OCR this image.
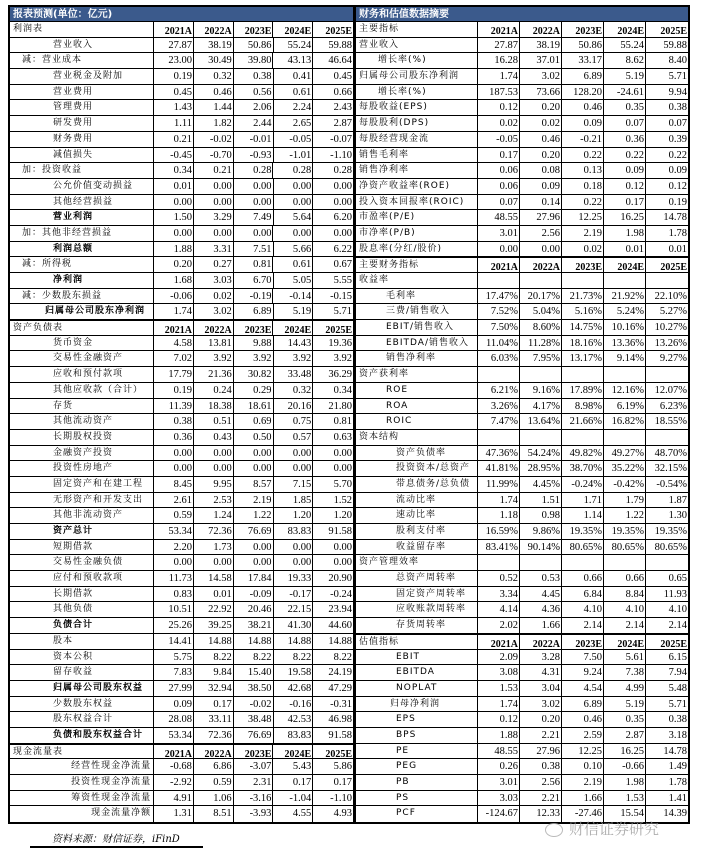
报表预测(单位：亿元)
利润表	2021A	2022A	2023E	2024E	2025E
营业收入	27.87	38.19	50.86	55.24	59.88
减：营业成本	23.00	30.49	39.80	43.13	46.64
营业税金及附加	0.19	0.32	0.38	0.41	0.45
营业费用	0.45	0.46	0.56	0.61	0.66
管理费用	1.43	1.44	2.06	2.24	2.43
研发费用	1.11	1.82	2.44	2.65	2.87
财务费用	0.21	-0.02	-0.01	-0.05	-0.07
减值损失	-0.45	-0.70	-0.93	-1.01	-1.10
加：投资收益	0.34	0.21	0.28	0.28	0.28
公允价值变动损益	0.01	0.00	0.00	0.00	0.00
其他经营损益	0.00	0.00	0.00	0.00	0.00
营业利润	1.50	3.29	7.49	5.64	6.20
加：其他非经营损益	0.00	0.00	0.00	0.00	0.00
利润总额	1.88	3.31	7.51	5.66	6.22
减：所得税	0.20	0.27	0.81	0.61	0.67
净利润	1.68	3.03	6.70	5.05	5.55
减：少数股东损益	-0.06	0.02	-0.19	-0.14	-0.15
归属母公司股东净利润	1.74	3.02	6.89	5.19	5.71
资产负债表	2021A	2022A	2023E	2024E	2025E
货币资金	4.58	13.81	9.88	14.43	19.36
交易性金融资产	7.02	3.92	3.92	3.92	3.92
应收和预付款项	17.79	21.36	30.82	33.48	36.29
其他应收款（合计）	0.19	0.24	0.29	0.32	0.34
存货	11.39	18.38	18.61	20.16	21.80
其他流动资产	0.38	0.51	0.69	0.75	0.81
长期股权投资	0.36	0.43	0.50	0.57	0.63
金融资产投资	0.00	0.00	0.00	0.00	0.00
投资性房地产	0.00	0.00	0.00	0.00	0.00
固定资产和在建工程	8.45	9.95	8.57	7.15	5.70
无形资产和开发支出	2.61	2.53	2.19	1.85	1.52
其他非流动资产	0.59	1.24	1.22	1.20	1.20
资产总计	53.34	72.36	76.69	83.83	91.58
短期借款	2.20	1.73	0.00	0.00	0.00
交易性金融负债	0.00	0.00	0.00	0.00	0.00
应付和预收款项	11.73	14.58	17.84	19.33	20.90
长期借款	0.83	0.01	-0.09	-0.17	-0.24
其他负债	10.51	22.92	20.46	22.15	23.94
负债合计	25.26	39.25	38.21	41.30	44.60
股本	14.41	14.88	14.88	14.88	14.88
资本公积	5.75	8.22	8.22	8.22	8.22
留存收益	7.83	9.84	15.40	19.58	24.19
归属母公司股东权益	27.99	32.94	38.50	42.68	47.29
少数股东权益	0.09	0.17	-0.02	-0.16	-0.31
股东权益合计	28.08	33.11	38.48	42.53	46.98
负债和股东权益合计	53.34	72.36	76.69	83.83	91.58
现金流量表	2021A	2022A	2023E	2024E	2025E
经营性现金净流量	-0.68	6.86	-3.07	5.43	5.86
投资性现金净流量	-2.92	0.59	2.31	0.17	0.17
筹资性现金净流量	4.91	1.06	-3.16	-1.04	-1.10
现金流量净额	1.31	8.51	-3.93	4.55	4.93
财务和估值数据摘要
主要指标	2021A	2022A	2023E	2024E	2025E
营业收入	27.87	38.19	50.86	55.24	59.88
增长率(%)	16.28	37.01	33.17	8.62	8.40
归属母公司股东净利润	1.74	3.02	6.89	5.19	5.71
增长率(%)	187.53	73.66	128.20	-24.61	9.94
每股收益(EPS)	0.12	0.20	0.46	0.35	0.38
每股股利(DPS)	0.02	0.02	0.09	0.07	0.07
每股经营现金流	-0.05	0.46	-0.21	0.36	0.39
销售毛利率	0.17	0.20	0.22	0.22	0.22
销售净利率	0.06	0.08	0.13	0.09	0.09
净资产收益率(ROE)	0.06	0.09	0.18	0.12	0.12
投入资本回报率(ROIC)	0.07	0.14	0.22	0.17	0.19
市盈率(P/E)	48.55	27.96	12.25	16.25	14.78
市净率(P/B)	3.01	2.56	2.19	1.98	1.78
股息率(分红/股价)	0.00	0.00	0.02	0.01	0.01
主要财务指标	2021A	2022A	2023E	2024E	2025E
收益率
毛利率	17.47% 20.17% 21.73% 21.92%	22.10%
三费/销售收入	7.52%	5.04%	5.16%	5.24%	5.27%
EBIT/销售收入	7.50%	8.60% 14.75% 10.16%	10.27%
EBITDA/销售收入	11.04% 11.28% 18.16% 13.36%	13.26%
销售净利率	6.03%	7.95% 13.17%	9.14%	9.27%
资产获利率
ROE	6.21%	9.16% 17.89% 12.16%	12.07%
ROA	3.26%	4.17%	8.98%	6.19%	6.23%
ROIC	7.47% 13.64% 21.66% 16.82%	18.55%
资本结构
资产负债率	47.36% 54.24% 49.82% 49.27%	48.70%
投资资本/总资产	41.81% 28.95% 38.70% 35.22%	32.15%
带息债务/总负债	11.99%	4.45%	-0.24%	-0.42%	-0.54%
流动比率	1.74	1.51	1.71	1.79	1.87
速动比率	1.18	0.98	1.14	1.22	1.30
股利支付率	16.59%	9.86% 19.35% 19.35%	19.35%
收益留存率	83.41% 90.14% 80.65% 80.65%	80.65%
资产管理效率
总资产周转率	0.52	0.53	0.66	0.66	0.65
固定资产周转率	3.34	4.45	6.84	8.84	11.93
应收账款周转率	4.14	4.36	4.10	4.10	4.10
存货周转率	2.02	1.66	2.14	2.14	2.14
估值指标	2021A	2022A	2023E	2024E	2025E
EBIT	2.09	3.28	7.50	5.61	6.15
EBITDA	3.08	4.31	9.24	7.38	7.94
NOPLAT	1.53	3.04	4.54	4.99	5.48
归母净利润	1.74	3.02	6.89	5.19	5.71
EPS	0.12	0.20	0.46	0.35	0.38
BPS	1.88	2.21	2.59	2.87	3.18
PE	48.55	27.96	12.25	16.25	14.78
PEG	0.26	0.38	0.10	-0.66	1.49
PB	3.01	2.56	2.19	1.98	1.78
PS	3.03	2.21	1.66	1.53	1.41
PCF	-124.67	12.33	-27.46	15.54	14.39
资料来源：财信证券，iFinD
财信证券研究
